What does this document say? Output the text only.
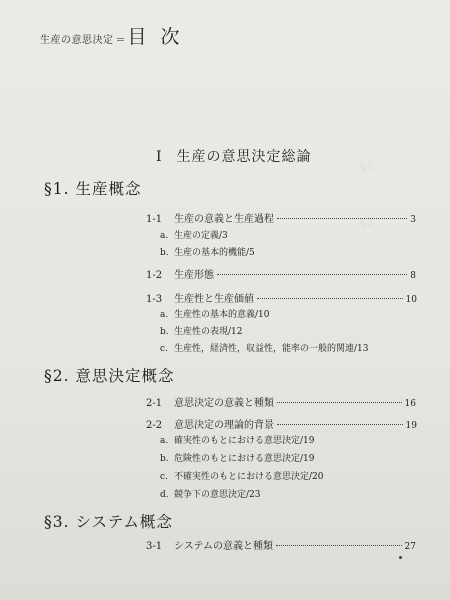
§1.
§2.
生産の意思決定 ＝ 目次
I 生産の意思決定総論
§1. 生産概念
1-1	生産の意義と生産過程	3
a. 生産の定義/3
b. 生産の基本的機能/5
1-2	生産形態	8
1-3	生産性と生産価値	10
a. 生産性の基本的意義/10
b. 生産性の表現/12
c. 生産性，経済性，収益性，能率の一般的関連/13
§2. 意思決定概念
2-1	意思決定の意義と種類	16
2-2	意思決定の理論的背景	19
a. 確実性のもとにおける意思決定/19
b. 危険性のもとにおける意思決定/19
c. 不確実性のもとにおける意思決定/20
d. 競争下の意思決定/23
§3. システム概念
3-1	システムの意義と種類	27
